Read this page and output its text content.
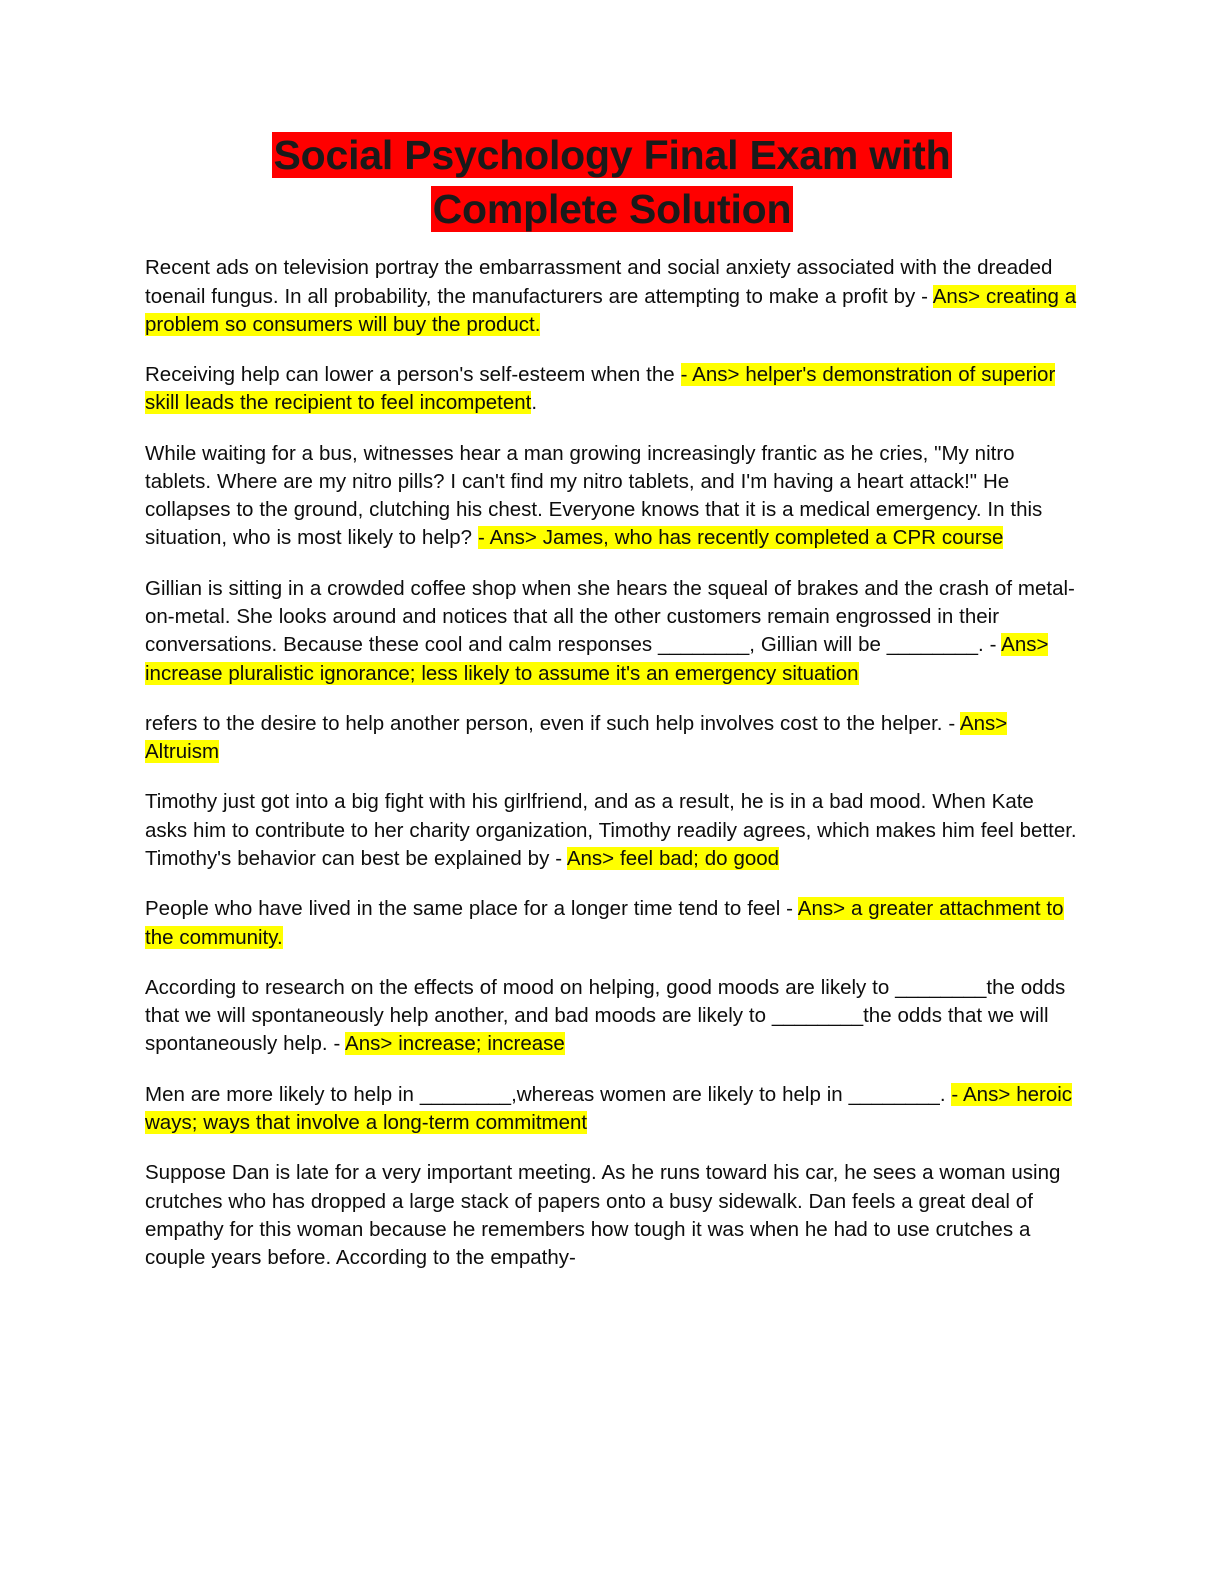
Social Psychology Final Exam with
Complete Solution

Recent ads on television portray the embarrassment and social anxiety associated with the dreaded toenail fungus. In all probability, the manufacturers are attempting to make a profit by - Ans> creating a problem so consumers will buy the product.

Receiving help can lower a person's self-esteem when the - Ans> helper's demonstration of superior skill leads the recipient to feel incompetent.

While waiting for a bus, witnesses hear a man growing increasingly frantic as he cries, "My nitro tablets. Where are my nitro pills? I can't find my nitro tablets, and I'm having a heart attack!" He collapses to the ground, clutching his chest. Everyone knows that it is a medical emergency. In this situation, who is most likely to help? - Ans> James, who has recently completed a CPR course

Gillian is sitting in a crowded coffee shop when she hears the squeal of brakes and the crash of metal-on-metal. She looks around and notices that all the other customers remain engrossed in their conversations. Because these cool and calm responses ________, Gillian will be ________. - Ans> increase pluralistic ignorance; less likely to assume it's an emergency situation

refers to the desire to help another person, even if such help involves cost to the helper. - Ans> Altruism

Timothy just got into a big fight with his girlfriend, and as a result, he is in a bad mood. When Kate asks him to contribute to her charity organization, Timothy readily agrees, which makes him feel better. Timothy's behavior can best be explained by - Ans> feel bad; do good

People who have lived in the same place for a longer time tend to feel - Ans> a greater attachment to the community.

According to research on the effects of mood on helping, good moods are likely to ________the odds that we will spontaneously help another, and bad moods are likely to ________the odds that we will spontaneously help. - Ans> increase; increase

Men are more likely to help in ________,whereas women are likely to help in ________. - Ans> heroic ways; ways that involve a long-term commitment

Suppose Dan is late for a very important meeting. As he runs toward his car, he sees a woman using crutches who has dropped a large stack of papers onto a busy sidewalk. Dan feels a great deal of empathy for this woman because he remembers how tough it was when he had to use crutches a couple years before. According to the empathy-
